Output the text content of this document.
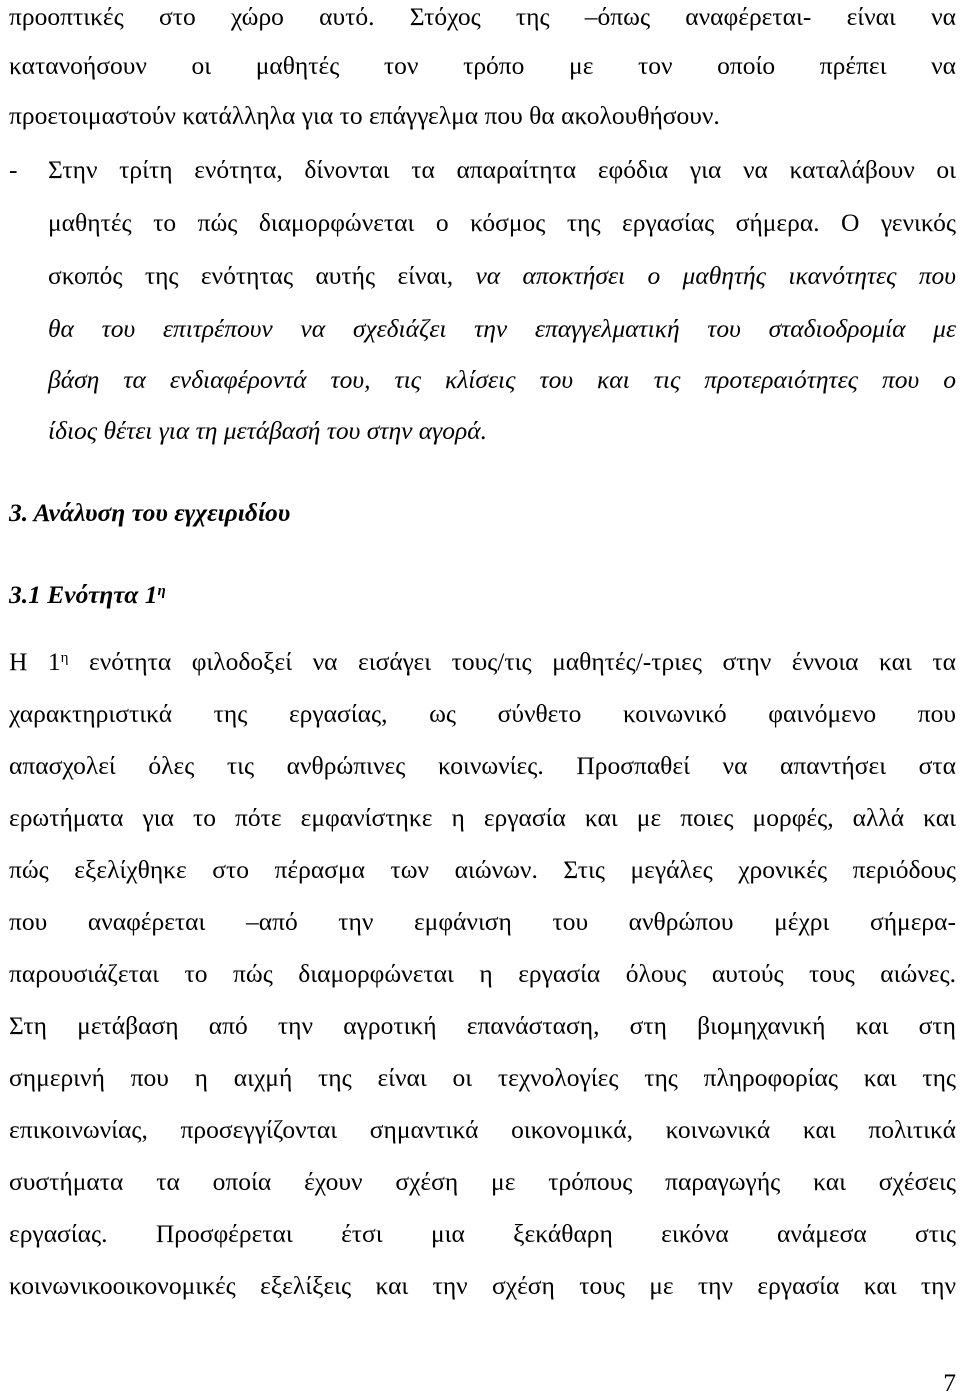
προοπτικές στο χώρο αυτό. Στόχος της –όπως αναφέρεται- είναι να
κατανοήσουν οι μαθητές τον τρόπο με τον οποίο πρέπει να
προετοιμαστούν κατάλληλα για το επάγγελμα που θα ακολουθήσουν.
- Στην τρίτη ενότητα, δίνονται τα απαραίτητα εφόδια για να καταλάβουν οι
μαθητές το πώς διαμορφώνεται ο κόσμος της εργασίας σήμερα. Ο γενικός
σκοπός της ενότητας αυτής είναι, να αποκτήσει ο μαθητής ικανότητες που
θα του επιτρέπουν να σχεδιάζει την επαγγελματική του σταδιοδρομία με
βάση τα ενδιαφέροντά του, τις κλίσεις του και τις προτεραιότητες που ο
ίδιος θέτει για τη μετάβασή του στην αγορά.
3. Ανάλυση του εγχειριδίου
3.1 Ενότητα $1^\eta$
Η $1^\eta$ ενότητα φιλοδοξεί να εισάγει τους/τις μαθητές/-τριες στην έννοια και τα
χαρακτηριστικά της εργασίας, ως σύνθετο κοινωνικό φαινόμενο που
απασχολεί όλες τις ανθρώπινες κοινωνίες. Προσπαθεί να απαντήσει στα
ερωτήματα για το πότε εμφανίστηκε η εργασία και με ποιες μορφές, αλλά και
πώς εξελίχθηκε στο πέρασμα των αιώνων. Στις μεγάλες χρονικές περιόδους
που αναφέρεται –από την εμφάνιση του ανθρώπου μέχρι σήμερα-
παρουσιάζεται το πώς διαμορφώνεται η εργασία όλους αυτούς τους αιώνες.
Στη μετάβαση από την αγροτική επανάσταση, στη βιομηχανική και στη
σημερινή που η αιχμή της είναι οι τεχνολογίες της πληροφορίας και της
επικοινωνίας, προσεγγίζονται σημαντικά οικονομικά, κοινωνικά και πολιτικά
συστήματα τα οποία έχουν σχέση με τρόπους παραγωγής και σχέσεις
εργασίας. Προσφέρεται έτσι μια ξεκάθαρη εικόνα ανάμεσα στις
κοινωνικοοικονομικές εξελίξεις και την σχέση τους με την εργασία και την
7
